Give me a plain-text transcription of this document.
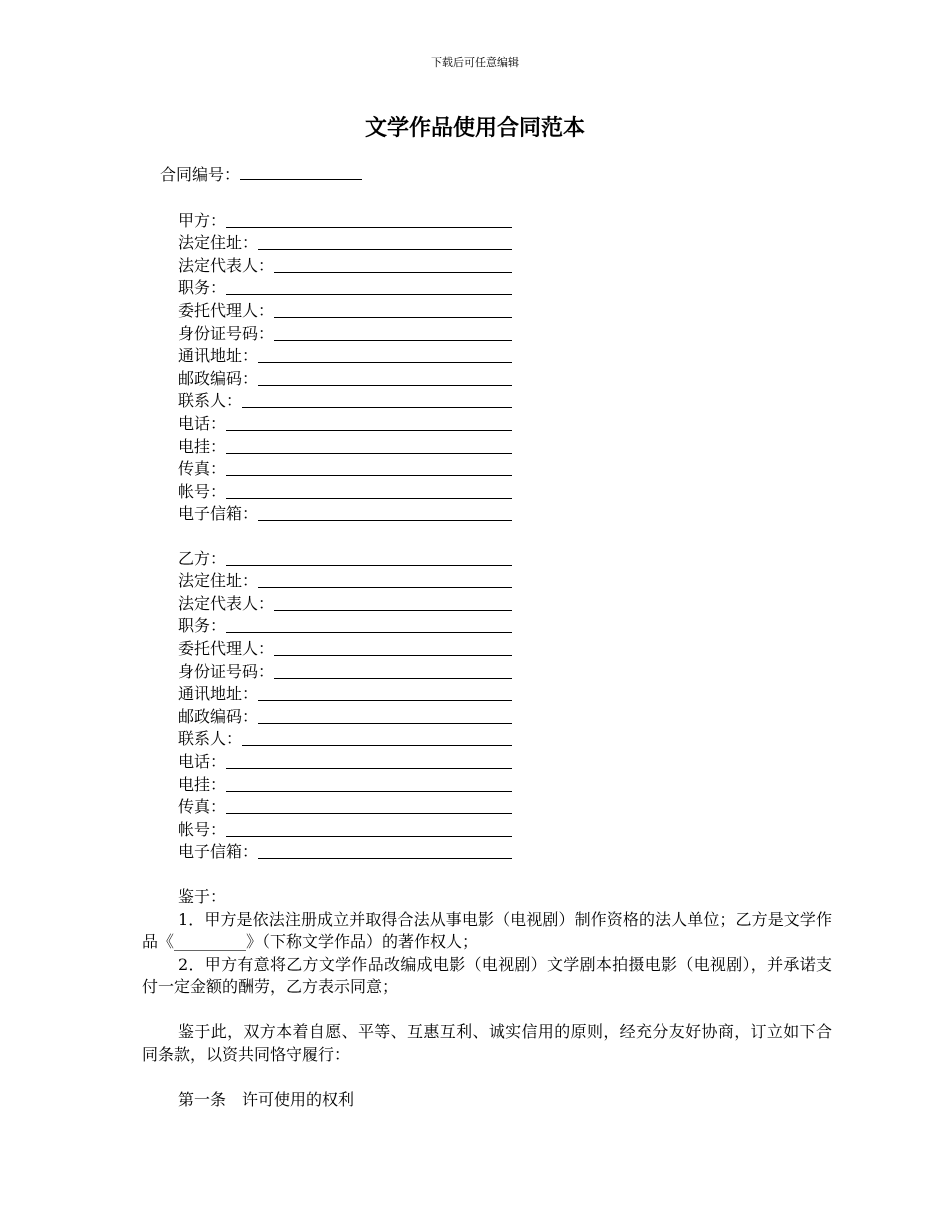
下载后可任意编辑
文学作品使用合同范本
合同编号：
甲方：
法定住址：
法定代表人：
职务：
委托代理人：
身份证号码：
通讯地址：
邮政编码：
联系人：
电话：
电挂：
传真：
帐号：
电子信箱：
乙方：
法定住址：
法定代表人：
职务：
委托代理人：
身份证号码：
通讯地址：
邮政编码：
联系人：
电话：
电挂：
传真：
帐号：
电子信箱：

鉴于：

1．甲方是依法注册成立并取得合法从事电影（电视剧）制作资格的法人单位；乙方是文学作品《_________》（下称文学作品）的著作权人；

2．甲方有意将乙方文学作品改编成电影（电视剧）文学剧本拍摄电影（电视剧），并承诺支付一定金额的酬劳，乙方表示同意；

鉴于此，双方本着自愿、平等、互惠互利、诚实信用的原则，经充分友好协商，订立如下合同条款，以资共同恪守履行：

第一条　许可使用的权利
